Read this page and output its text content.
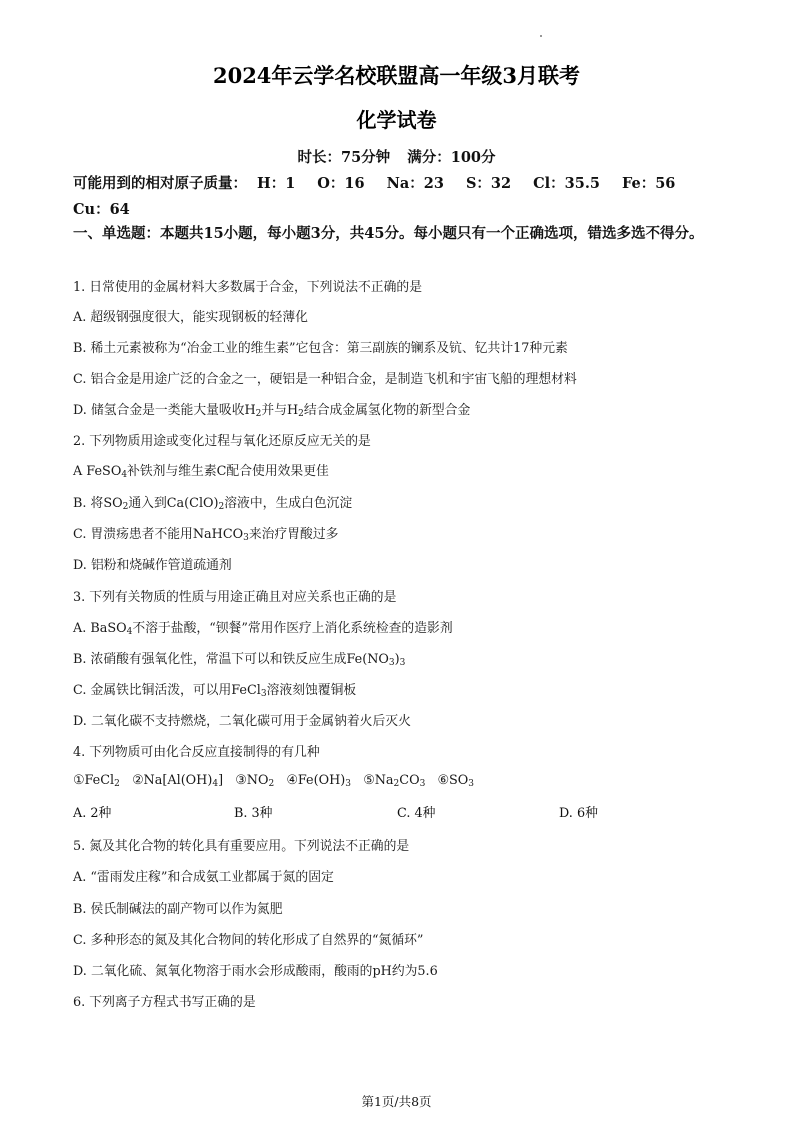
2024年云学名校联盟高一年级3月联考
化学试卷
时长：75分钟 满分：100分
可能用到的相对原子质量： H：1 O：16 Na：23 S：32 Cl：35.5 Fe：56
Cu：64
一、单选题：本题共15小题，每小题3分，共45分。每小题只有一个正确选项，错选多选不得分。
1. 日常使用的金属材料大多数属于合金，下列说法不正确的是
A. 超级钢强度很大，能实现钢板的轻薄化
B. 稀土元素被称为“冶金工业的维生素”它包含：第三副族的镧系及钪、钇共计17种元素
C. 铝合金是用途广泛的合金之一，硬铝是一种铝合金，是制造飞机和宇宙飞船的理想材料
D. 储氢合金是一类能大量吸收$H_2$并与$H_2$结合成金属氢化物的新型合金
2. 下列物质用途或变化过程与氧化还原反应无关的是
A FeSO$_4$补铁剂与维生素C配合使用效果更佳
B. 将$SO_2$通入到$Ca(ClO)_2$溶液中，生成白色沉淀
C. 胃溃疡患者不能用NaHCO$_3$来治疗胃酸过多
D. 铝粉和烧碱作管道疏通剂
3. 下列有关物质的性质与用途正确且对应关系也正确的是
A. BaSO$_4$不溶于盐酸，“钡餐”常用作医疗上消化系统检查的造影剂
B. 浓硝酸有强氧化性，常温下可以和铁反应生成$Fe(NO_3)_3$
C. 金属铁比铜活泼，可以用FeCl$_3$溶液刻蚀覆铜板
D. 二氧化碳不支持燃烧，二氧化碳可用于金属钠着火后灭火
4. 下列物质可由化合反应直接制得的有几种
①FeCl$_2$ $②Na[Al(OH)_4]$ $③NO_2$ $④Fe(OH)_3$ $⑤Na_2CO_3$ $⑥SO_3$
A. 2种	B. 3种	C. 4种	D. 6种
5. 氮及其化合物的转化具有重要应用。下列说法不正确的是
A. “雷雨发庄稼”和合成氨工业都属于氮的固定
B. 侯氏制碱法的副产物可以作为氮肥
C. 多种形态的氮及其化合物间的转化形成了自然界的“氮循环”
D. 二氧化硫、氮氧化物溶于雨水会形成酸雨，酸雨的pH约为5.6
6. 下列离子方程式书写正确的是
第1页/共8页
